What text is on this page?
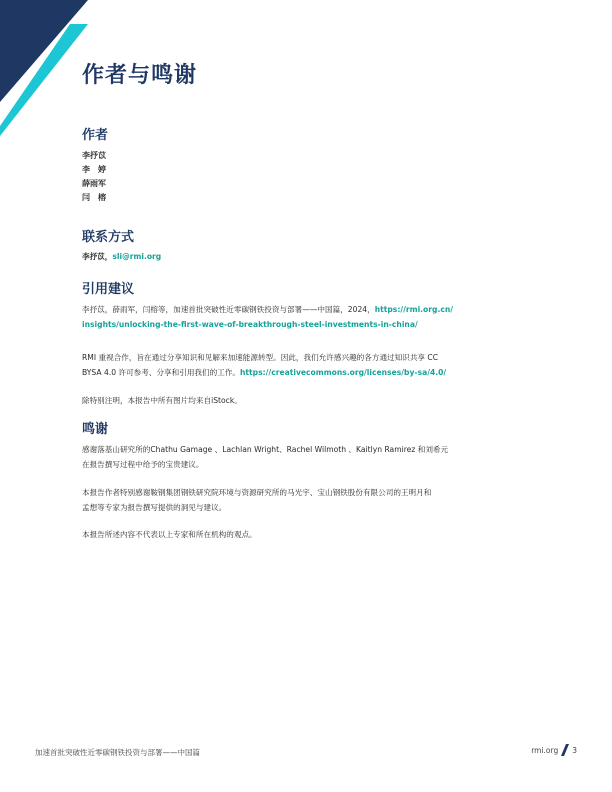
作者与鸣谢
作者
李抒苡
李　婷
薛雨军
闫　榕
联系方式
李抒苡，sli@rmi.org
引用建议
李抒苡，薛雨军，闫榕等，加速首批突破性近零碳钢铁投资与部署——中国篇，2024，https://rmi.org.cn/
insights/unlocking-the-first-wave-of-breakthrough-steel-investments-in-china/
RMI 重视合作，旨在通过分享知识和见解来加速能源转型。因此，我们允许感兴趣的各方通过知识共享 CC
BYSA 4.0 许可参考、分享和引用我们的工作。https://creativecommons.org/licenses/by-sa/4.0/
除特别注明，本报告中所有图片均来自iStock。
鸣谢
感谢落基山研究所的Chathu Gamage 、Lachlan Wright、Rachel Wilmoth 、Kaitlyn Ramirez 和刘希元
在报告撰写过程中给予的宝贵建议。
本报告作者特别感谢鞍钢集团钢铁研究院环境与资源研究所的马光宇、宝山钢铁股份有限公司的王明月和
孟想等专家为报告撰写提供的洞见与建议。
本报告所述内容不代表以上专家和所在机构的观点。
加速首批突破性近零碳钢铁投资与部署——中国篇	rmi.org 3
